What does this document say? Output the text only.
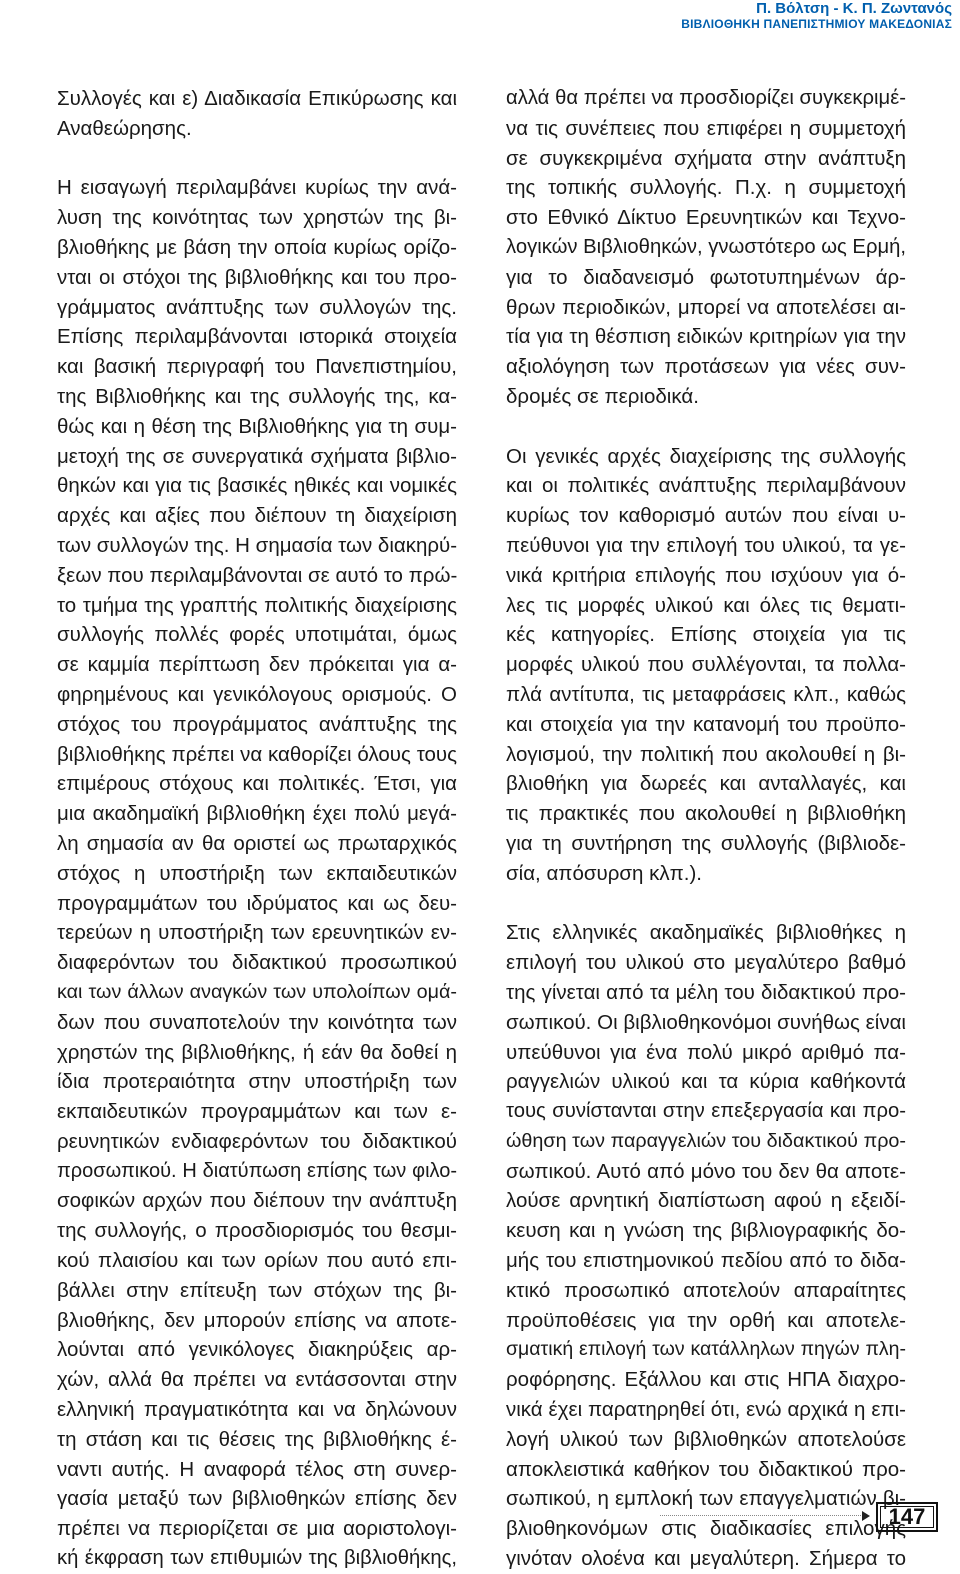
Π. Βόλτση - Κ. Π. Ζωντανός
ΒΙΒΛΙΟΘΗΚΗ ΠΑΝΕΠΙΣΤΗΜΙΟΥ ΜΑΚΕΔΟΝΙΑΣ
Συλλογές και ε) Διαδικασία Επικύρωσης και
Αναθεώρησης.
Η εισαγωγή περιλαμβάνει κυρίως την ανά-
λυση της κοινότητας των χρηστών της βι-
βλιοθήκης με βάση την οποία κυρίως ορίζο-
νται οι στόχοι της βιβλιοθήκης και του προ-
γράμματος ανάπτυξης των συλλογών της.
Επίσης περιλαμβάνονται ιστορικά στοιχεία
και βασική περιγραφή του Πανεπιστημίου,
της Βιβλιοθήκης και της συλλογής της, κα-
θώς και η θέση της Βιβλιοθήκης για τη συμ-
μετοχή της σε συνεργατικά σχήματα βιβλιο-
θηκών και για τις βασικές ηθικές και νομικές
αρχές και αξίες που διέπουν τη διαχείριση
των συλλογών της. Η σημασία των διακηρύ-
ξεων που περιλαμβάνονται σε αυτό το πρώ-
το τμήμα της γραπτής πολιτικής διαχείρισης
συλλογής πολλές φορές υποτιμάται, όμως
σε καμμία περίπτωση δεν πρόκειται για α-
φηρημένους και γενικόλογους ορισμούς. Ο
στόχος του προγράμματος ανάπτυξης της
βιβλιοθήκης πρέπει να καθορίζει όλους τους
επιμέρους στόχους και πολιτικές. Έτσι, για
μια ακαδημαϊκή βιβλιοθήκη έχει πολύ μεγά-
λη σημασία αν θα οριστεί ως πρωταρχικός
στόχος η υποστήριξη των εκπαιδευτικών
προγραμμάτων του ιδρύματος και ως δευ-
τερεύων η υποστήριξη των ερευνητικών εν-
διαφερόντων του διδακτικού προσωπικού
και των άλλων αναγκών των υπολοίπων ομά-
δων που συναποτελούν την κοινότητα των
χρηστών της βιβλιοθήκης, ή εάν θα δοθεί η
ίδια προτεραιότητα στην υποστήριξη των
εκπαιδευτικών προγραμμάτων και των ε-
ρευνητικών ενδιαφερόντων του διδακτικού
προσωπικού. Η διατύπωση επίσης των φιλο-
σοφικών αρχών που διέπουν την ανάπτυξη
της συλλογής, ο προσδιορισμός του θεσμι-
κού πλαισίου και των ορίων που αυτό επι-
βάλλει στην επίτευξη των στόχων της βι-
βλιοθήκης, δεν μπορούν επίσης να αποτε-
λούνται από γενικόλογες διακηρύξεις αρ-
χών, αλλά θα πρέπει να εντάσσονται στην
ελληνική πραγματικότητα και να δηλώνουν
τη στάση και τις θέσεις της βιβλιοθήκης έ-
ναντι αυτής. Η αναφορά τέλος στη συνερ-
γασία μεταξύ των βιβλιοθηκών επίσης δεν
πρέπει να περιορίζεται σε μια αοριστολογι-
κή έκφραση των επιθυμιών της βιβλιοθήκης,
αλλά θα πρέπει να προσδιορίζει συγκεκριμέ-
να τις συνέπειες που επιφέρει η συμμετοχή
σε συγκεκριμένα σχήματα στην ανάπτυξη
της τοπικής συλλογής. Π.χ. η συμμετοχή
στο Εθνικό Δίκτυο Ερευνητικών και Τεχνο-
λογικών Βιβλιοθηκών, γνωστότερο ως Ερμή,
για το διαδανεισμό φωτοτυπημένων άρ-
θρων περιοδικών, μπορεί να αποτελέσει αι-
τία για τη θέσπιση ειδικών κριτηρίων για την
αξιολόγηση των προτάσεων για νέες συν-
δρομές σε περιοδικά.
Οι γενικές αρχές διαχείρισης της συλλογής
και οι πολιτικές ανάπτυξης περιλαμβάνουν
κυρίως τον καθορισμό αυτών που είναι υ-
πεύθυνοι για την επιλογή του υλικού, τα γε-
νικά κριτήρια επιλογής που ισχύουν για ό-
λες τις μορφές υλικού και όλες τις θεματι-
κές κατηγορίες. Επίσης στοιχεία για τις
μορφές υλικού που συλλέγονται, τα πολλα-
πλά αντίτυπα, τις μεταφράσεις κλπ., καθώς
και στοιχεία για την κατανομή του προϋπο-
λογισμού, την πολιτική που ακολουθεί η βι-
βλιοθήκη για δωρεές και ανταλλαγές, και
τις πρακτικές που ακολουθεί η βιβλιοθήκη
για τη συντήρηση της συλλογής (βιβλιοδε-
σία, απόσυρση κλπ.).
Στις ελληνικές ακαδημαϊκές βιβλιοθήκες η
επιλογή του υλικού στο μεγαλύτερο βαθμό
της γίνεται από τα μέλη του διδακτικού προ-
σωπικού. Οι βιβλιοθηκονόμοι συνήθως είναι
υπεύθυνοι για ένα πολύ μικρό αριθμό πα-
ραγγελιών υλικού και τα κύρια καθήκοντά
τους συνίστανται στην επεξεργασία και προ-
ώθηση των παραγγελιών του διδακτικού προ-
σωπικού. Αυτό από μόνο του δεν θα αποτε-
λούσε αρνητική διαπίστωση αφού η εξειδί-
κευση και η γνώση της βιβλιογραφικής δο-
μής του επιστημονικού πεδίου από το διδα-
κτικό προσωπικό αποτελούν απαραίτητες
προϋποθέσεις για την ορθή και αποτελε-
σματική επιλογή των κατάλληλων πηγών πλη-
ροφόρησης. Εξάλλου και στις ΗΠΑ διαχρο-
νικά έχει παρατηρηθεί ότι, ενώ αρχικά η επι-
λογή υλικού των βιβλιοθηκών αποτελούσε
αποκλειστικά καθήκον του διδακτικού προ-
σωπικού, η εμπλοκή των επαγγελματιών βι-
βλιοθηκονόμων στις διαδικασίες επιλογής
γινόταν ολοένα και μεγαλύτερη. Σήμερα το
147
